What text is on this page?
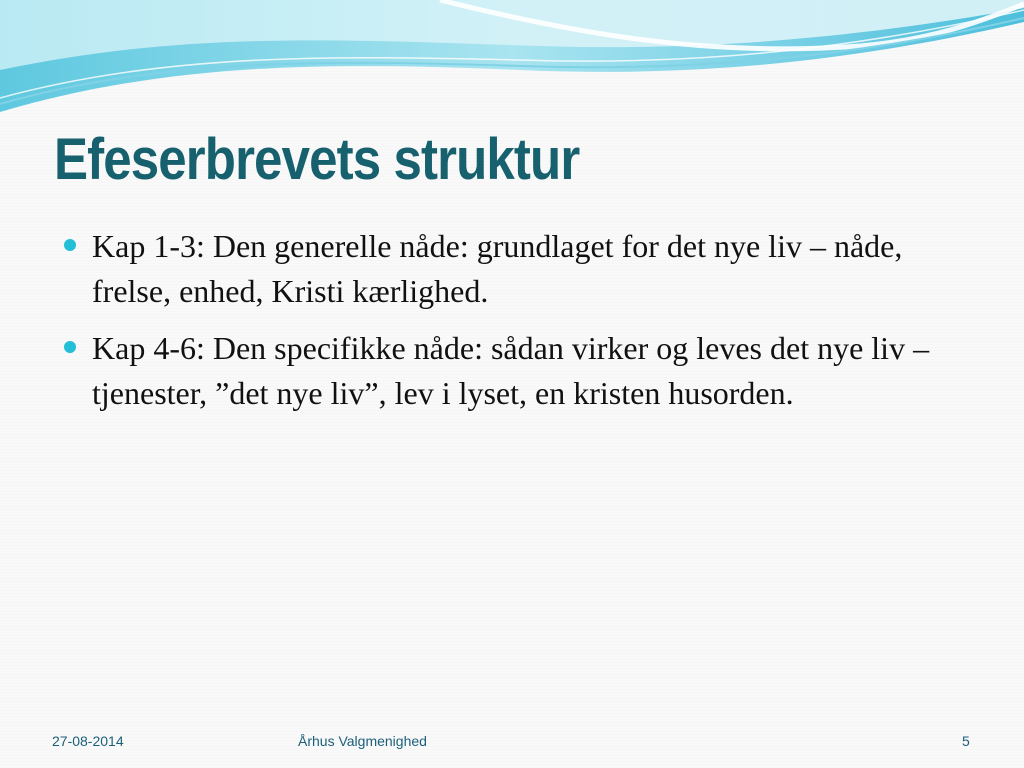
Efeserbrevets struktur
Kap 1-3: Den generelle nåde: grundlaget for det nye liv – nåde, frelse, enhed, Kristi kærlighed.
Kap 4-6: Den specifikke nåde: sådan virker og leves det nye liv – tjenester, ”det nye liv”, lev i lyset, en kristen husorden.
27-08-2014	Århus Valgmenighed	5
